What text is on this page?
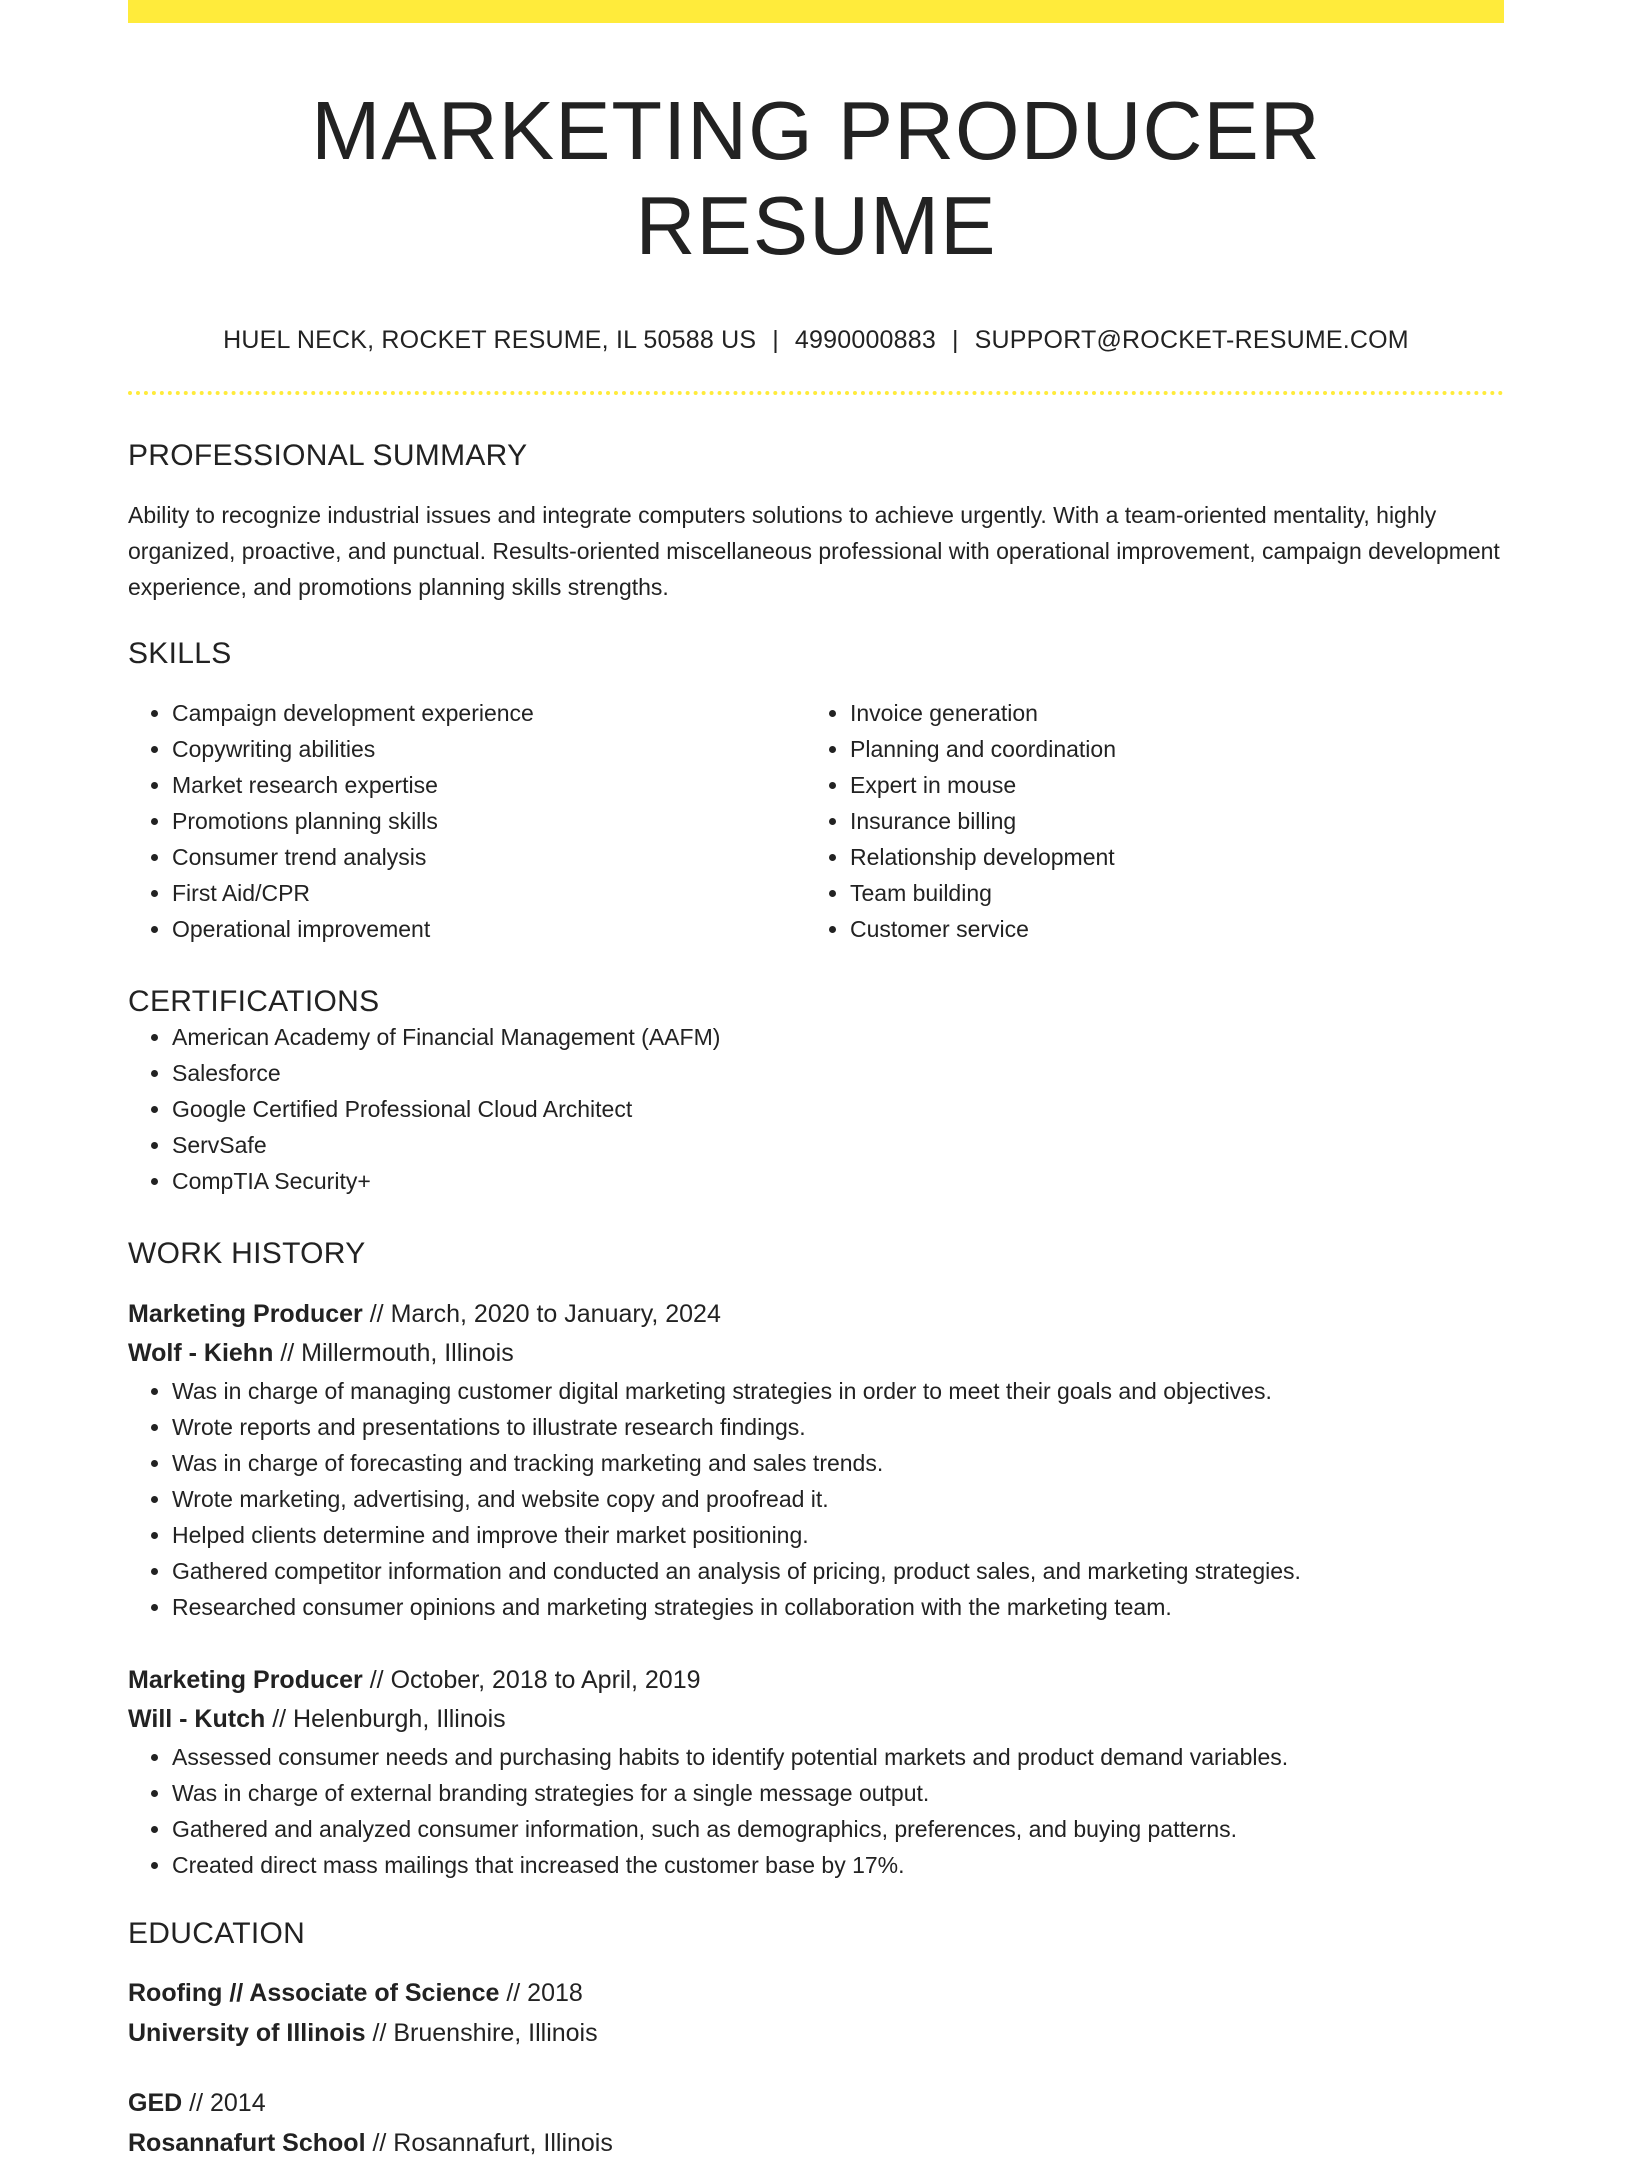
MARKETING PRODUCER RESUME
HUEL NECK, ROCKET RESUME, IL 50588 US | 4990000883 | SUPPORT@ROCKET-RESUME.COM
PROFESSIONAL SUMMARY
Ability to recognize industrial issues and integrate computers solutions to achieve urgently. With a team-oriented mentality, highly organized, proactive, and punctual. Results-oriented miscellaneous professional with operational improvement, campaign development experience, and promotions planning skills strengths.
SKILLS
• Campaign development experience
• Copywriting abilities
• Market research expertise
• Promotions planning skills
• Consumer trend analysis
• First Aid/CPR
• Operational improvement
• Invoice generation
• Planning and coordination
• Expert in mouse
• Insurance billing
• Relationship development
• Team building
• Customer service
CERTIFICATIONS
• American Academy of Financial Management (AAFM)
• Salesforce
• Google Certified Professional Cloud Architect
• ServSafe
• CompTIA Security+
WORK HISTORY
Marketing Producer // March, 2020 to January, 2024
Wolf - Kiehn // Millermouth, Illinois
• Was in charge of managing customer digital marketing strategies in order to meet their goals and objectives.
• Wrote reports and presentations to illustrate research findings.
• Was in charge of forecasting and tracking marketing and sales trends.
• Wrote marketing, advertising, and website copy and proofread it.
• Helped clients determine and improve their market positioning.
• Gathered competitor information and conducted an analysis of pricing, product sales, and marketing strategies.
• Researched consumer opinions and marketing strategies in collaboration with the marketing team.
Marketing Producer // October, 2018 to April, 2019
Will - Kutch // Helenburgh, Illinois
• Assessed consumer needs and purchasing habits to identify potential markets and product demand variables.
• Was in charge of external branding strategies for a single message output.
• Gathered and analyzed consumer information, such as demographics, preferences, and buying patterns.
• Created direct mass mailings that increased the customer base by 17%.
EDUCATION
Roofing // Associate of Science // 2018
University of Illinois // Bruenshire, Illinois
GED // 2014
Rosannafurt School // Rosannafurt, Illinois
